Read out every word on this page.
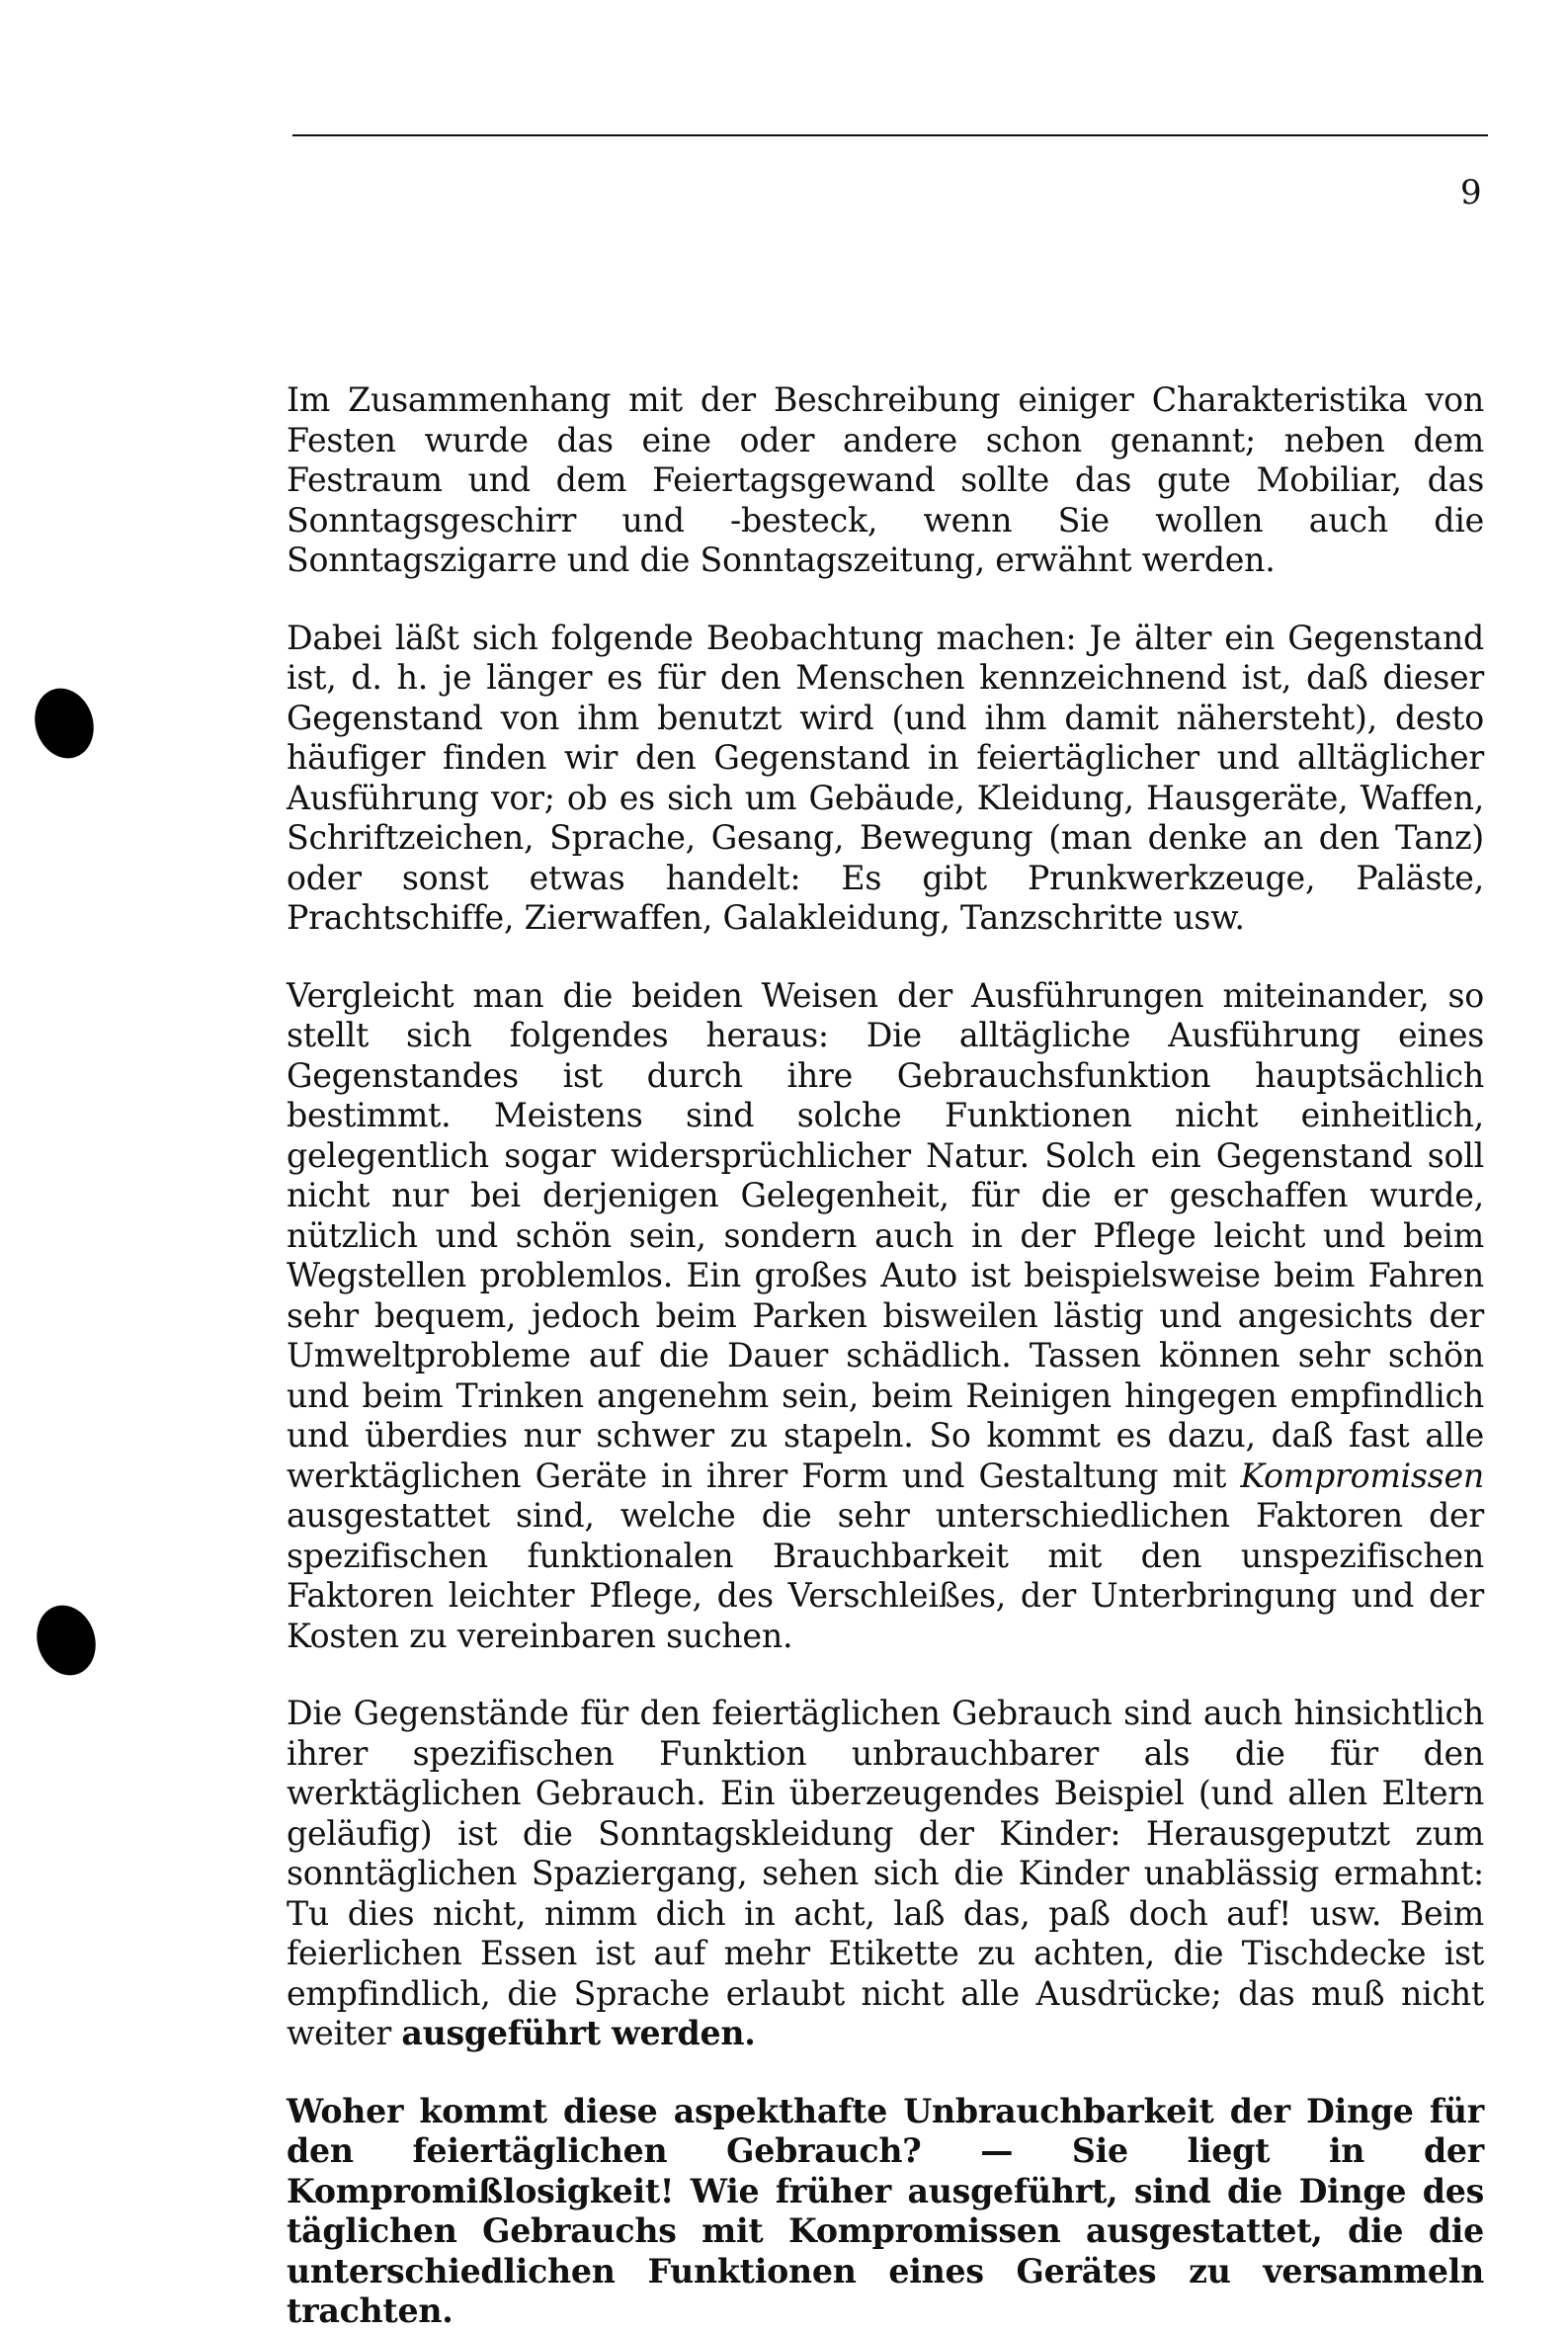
9

Im Zusammenhang mit der Beschreibung einiger Charakteristika von Festen wurde das eine oder andere schon genannt; neben dem Festraum und dem Feiertagsgewand sollte das gute Mobiliar, das Sonntagsgeschirr und -besteck, wenn Sie wollen auch die Sonntagszigarre und die Sonntagszeitung, erwähnt werden.

Dabei läßt sich folgende Beobachtung machen: Je älter ein Gegenstand ist, d. h. je länger es für den Menschen kennzeichnend ist, daß dieser Gegenstand von ihm benutzt wird (und ihm damit nähersteht), desto häufiger finden wir den Gegenstand in feiertäglicher und alltäglicher Ausführung vor; ob es sich um Gebäude, Kleidung, Hausgeräte, Waffen, Schriftzeichen, Sprache, Gesang, Bewegung (man denke an den Tanz) oder sonst etwas handelt: Es gibt Prunkwerkzeuge, Paläste, Prachtschiffe, Zierwaffen, Galakleidung, Tanzschritte usw.

Vergleicht man die beiden Weisen der Ausführungen miteinander, so stellt sich folgendes heraus: Die alltägliche Ausführung eines Gegenstandes ist durch ihre Gebrauchsfunktion hauptsächlich bestimmt. Meistens sind solche Funktionen nicht einheitlich, gelegentlich sogar widersprüchlicher Natur. Solch ein Gegenstand soll nicht nur bei derjenigen Gelegenheit, für die er geschaffen wurde, nützlich und schön sein, sondern auch in der Pflege leicht und beim Wegstellen problemlos. Ein großes Auto ist beispielsweise beim Fahren sehr bequem, jedoch beim Parken bisweilen lästig und angesichts der Umweltprobleme auf die Dauer schädlich. Tassen können sehr schön und beim Trinken angenehm sein, beim Reinigen hingegen empfindlich und überdies nur schwer zu stapeln. So kommt es dazu, daß fast alle werktäglichen Geräte in ihrer Form und Gestaltung mit Kompromissen ausgestattet sind, welche die sehr unterschiedlichen Faktoren der spezifischen funktionalen Brauchbarkeit mit den unspezifischen Faktoren leichter Pflege, des Verschleißes, der Unterbringung und der Kosten zu vereinbaren suchen.

Die Gegenstände für den feiertäglichen Gebrauch sind auch hinsichtlich ihrer spezifischen Funktion unbrauchbarer als die für den werktäglichen Gebrauch. Ein überzeugendes Beispiel (und allen Eltern geläufig) ist die Sonntagskleidung der Kinder: Herausgeputzt zum sonntäglichen Spaziergang, sehen sich die Kinder unablässig ermahnt: Tu dies nicht, nimm dich in acht, laß das, paß doch auf! usw. Beim feierlichen Essen ist auf mehr Etikette zu achten, die Tischdecke ist empfindlich, die Sprache erlaubt nicht alle Ausdrücke; das muß nicht weiter ausgeführt werden.

Woher kommt diese aspekthafte Unbrauchbarkeit der Dinge für den feiertäglichen Gebrauch? — Sie liegt in der Kompromißlosigkeit! Wie früher ausgeführt, sind die Dinge des täglichen Gebrauchs mit Kompromissen ausgestattet, die die unterschiedlichen Funktionen eines Gerätes zu versammeln trachten.
